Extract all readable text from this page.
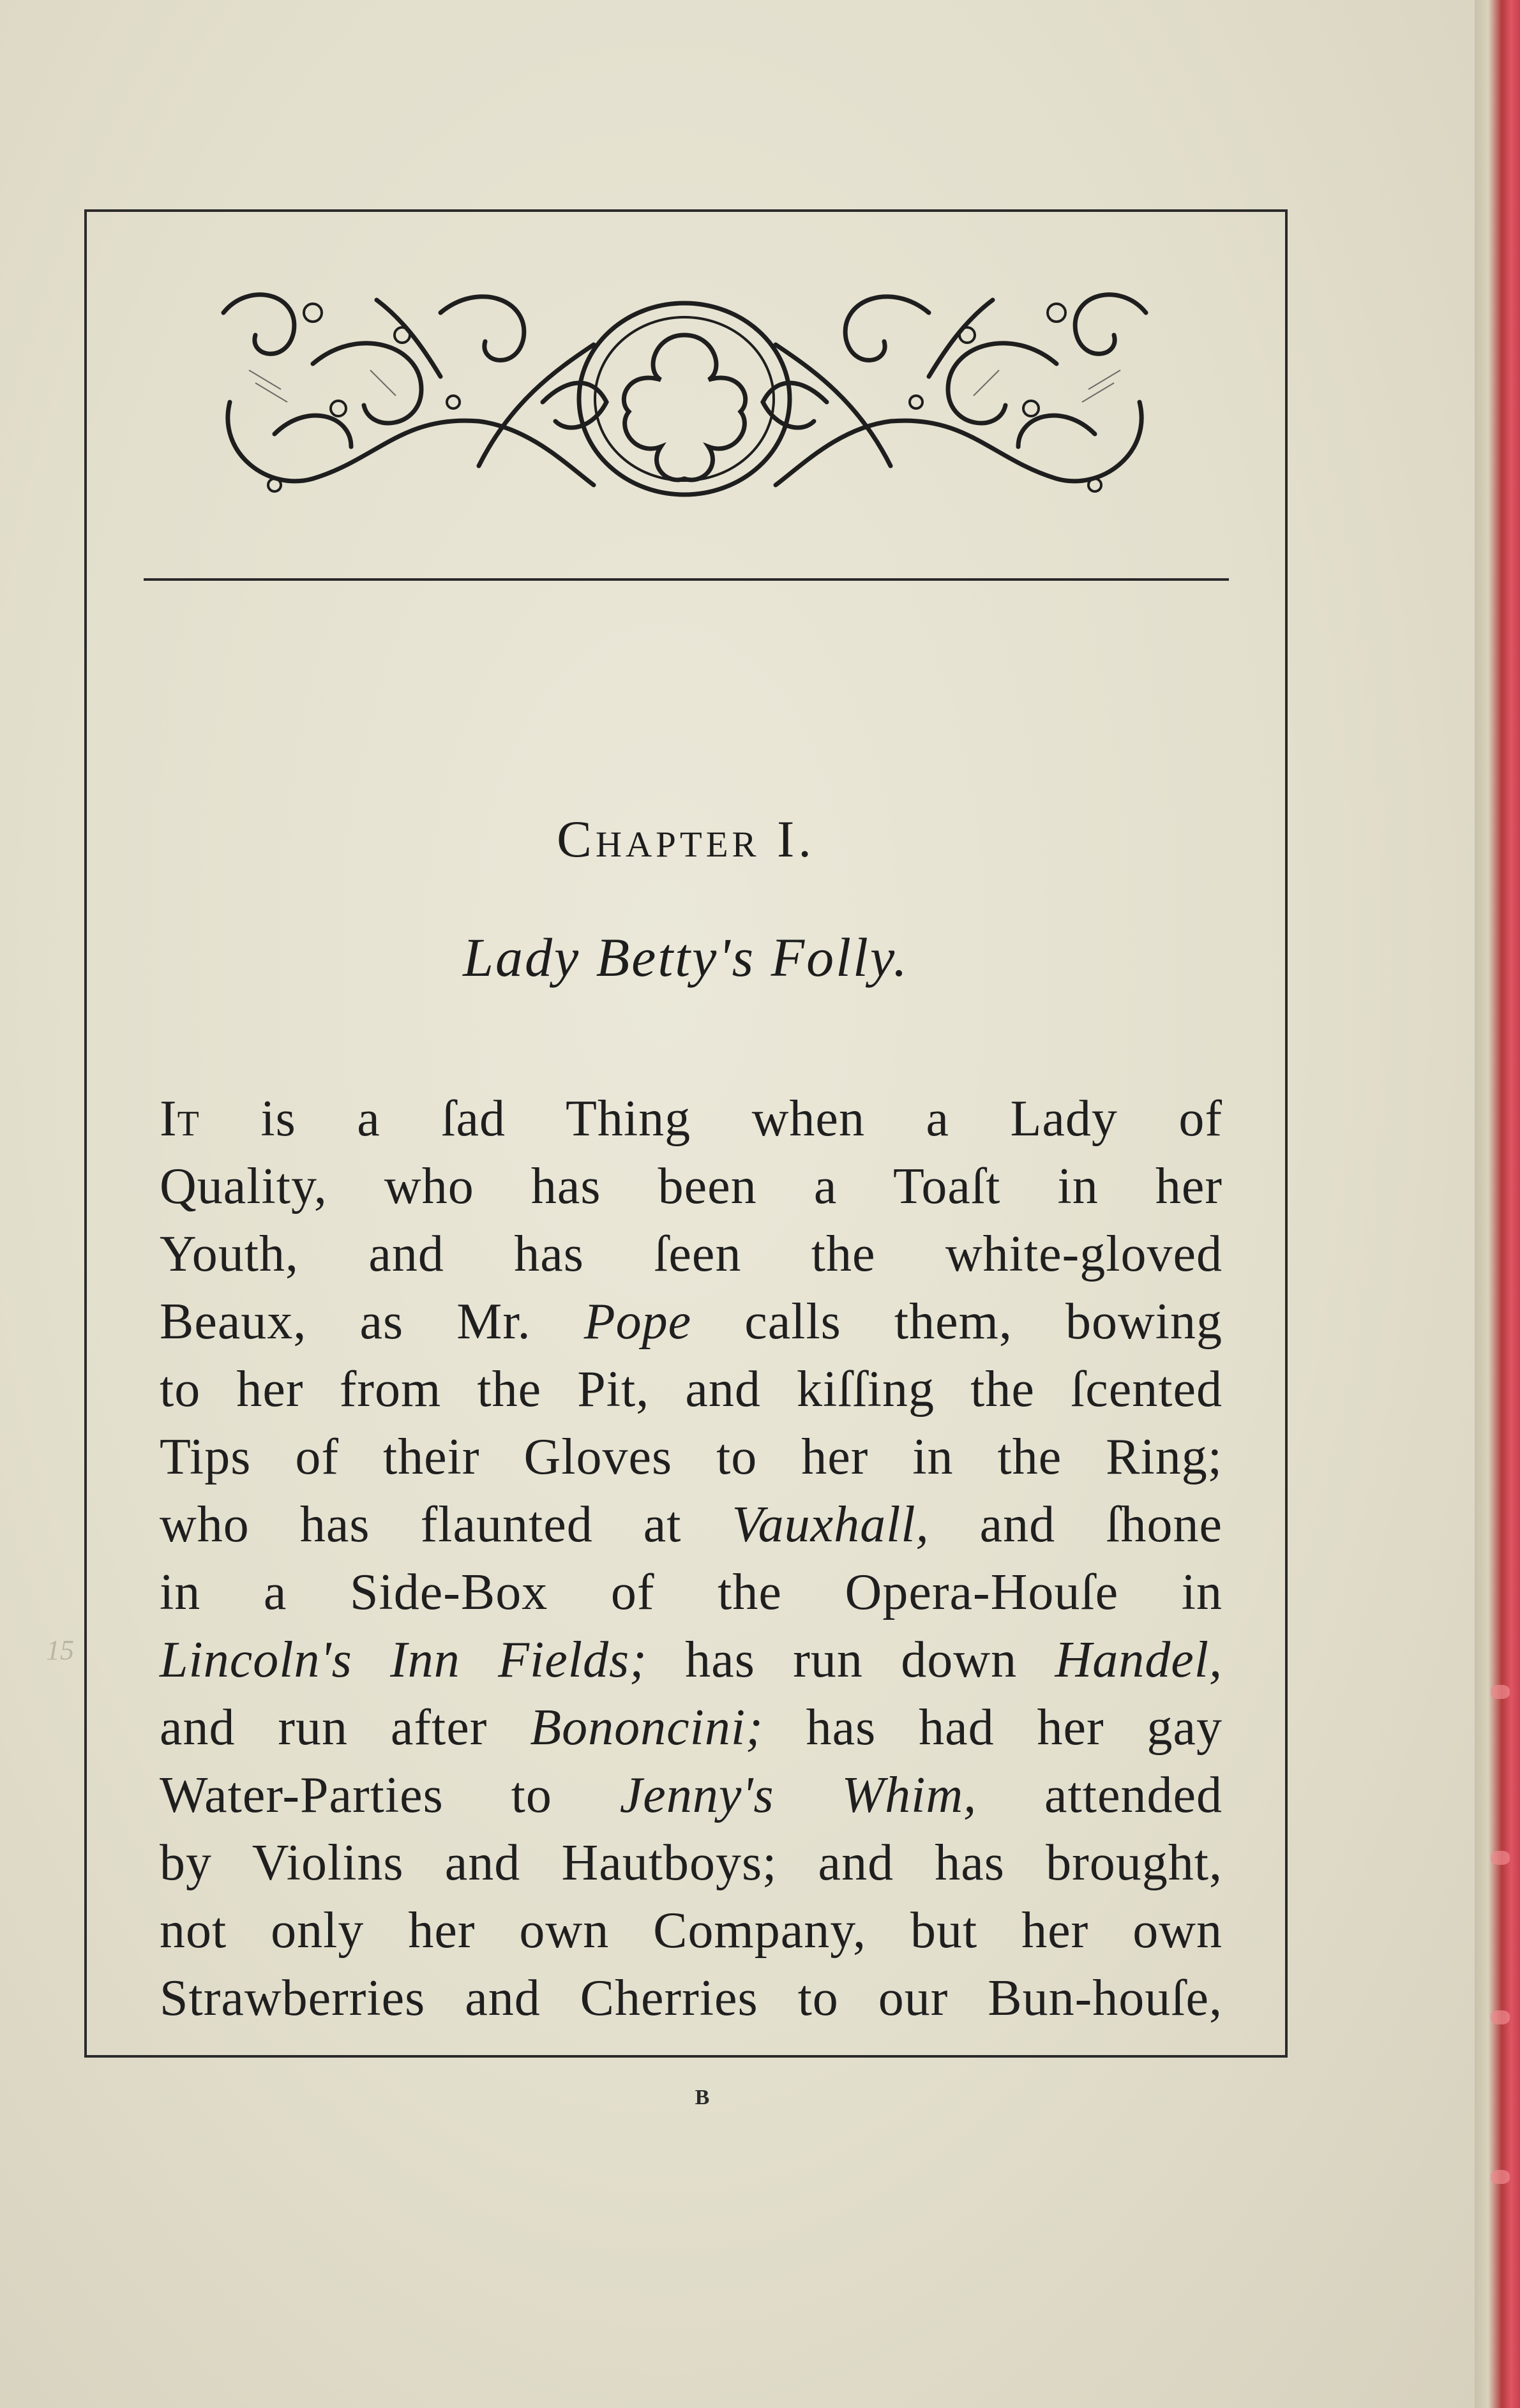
Chapter I.
Lady Betty's Folly.
It is a ſad Thing when a Lady of
Quality, who has been a Toaſt in her
Youth, and has ſeen the white-gloved
Beaux, as Mr. Pope calls them, bowing
to her from the Pit, and kiſſing the ſcented
Tips of their Gloves to her in the Ring;
who has flaunted at Vauxhall, and ſhone
in a Side-Box of the Opera-Houſe in
Lincoln's Inn Fields; has run down Handel,
and run after Bononcini; has had her gay
Water-Parties to Jenny's Whim, attended
by Violins and Hautboys; and has brought,
not only her own Company, but her own
Strawberries and Cherries to our Bun-houſe,
B
15
